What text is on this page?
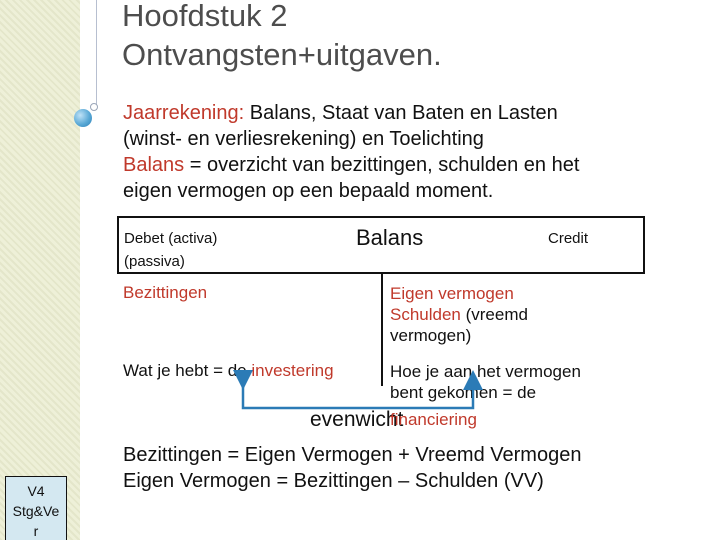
Hoofdstuk 2
Ontvangsten+uitgaven.
Jaarrekening: Balans, Staat van Baten en Lasten
(winst- en verliesrekening) en Toelichting
Balans = overzicht van bezittingen, schulden en het
eigen vermogen op een bepaald moment.
Debet (activa)
(passiva)
Balans	Credit
Bezittingen	Eigen vermogen
Schulden (vreemd
vermogen)
Wat je hebt = de investering	Hoe je aan het vermogen
bent gekomen = de
evenwicht
financiering
Bezittingen = Eigen Vermogen + Vreemd Vermogen
Eigen Vermogen = Bezittingen – Schulden (VV)
V4
Stg&Ve
r
